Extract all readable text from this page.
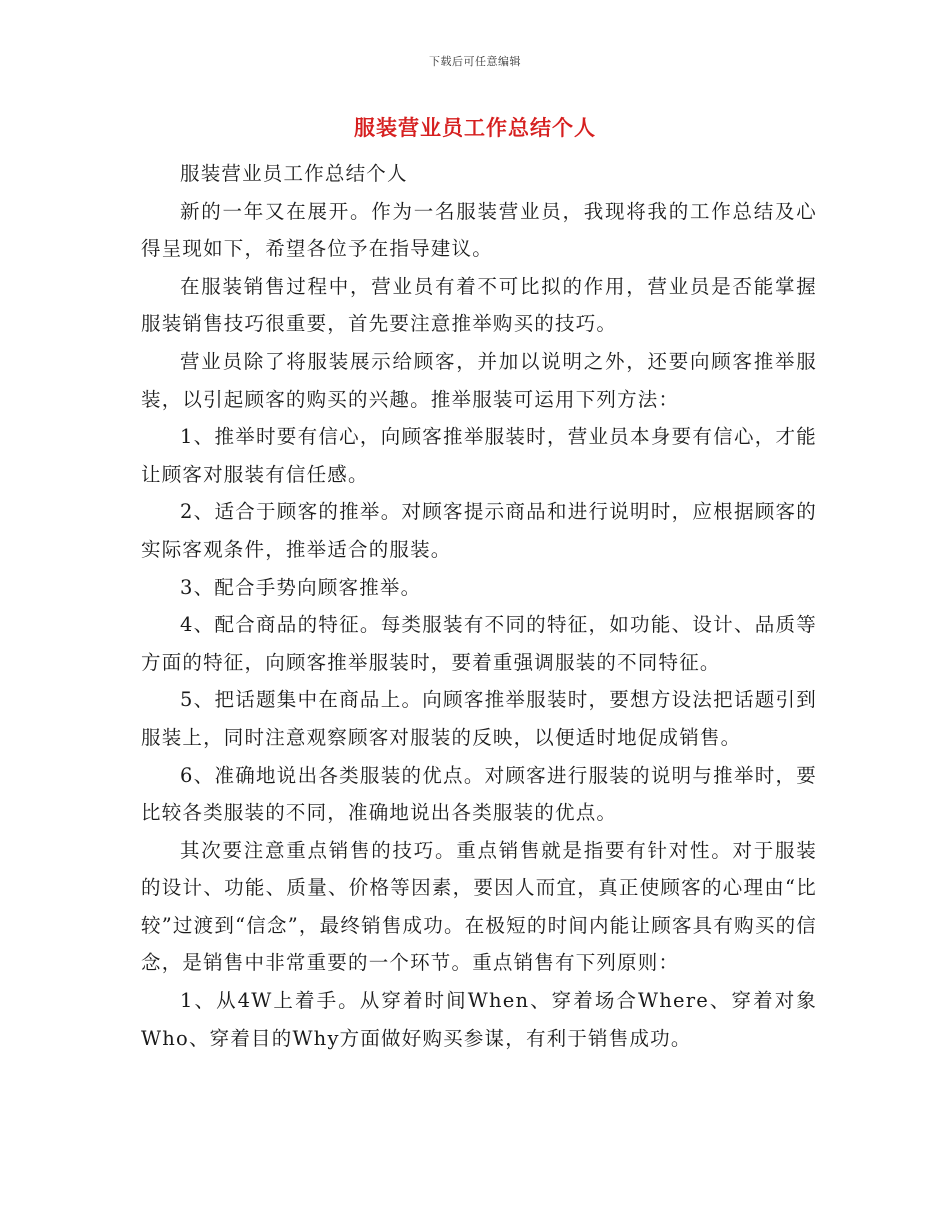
下载后可任意编辑
服装营业员工作总结个人

服装营业员工作总结个人

新的一年又在展开。作为一名服装营业员，我现将我的工作总结及心得呈现如下，希望各位予在指导建议。

在服装销售过程中，营业员有着不可比拟的作用，营业员是否能掌握服装销售技巧很重要，首先要注意推举购买的技巧。

营业员除了将服装展示给顾客，并加以说明之外，还要向顾客推举服装，以引起顾客的购买的兴趣。推举服装可运用下列方法：

1、推举时要有信心，向顾客推举服装时，营业员本身要有信心，才能让顾客对服装有信任感。

2、适合于顾客的推举。对顾客提示商品和进行说明时，应根据顾客的实际客观条件，推举适合的服装。

3、配合手势向顾客推举。

4、配合商品的特征。每类服装有不同的特征，如功能、设计、品质等方面的特征，向顾客推举服装时，要着重强调服装的不同特征。

5、把话题集中在商品上。向顾客推举服装时，要想方设法把话题引到服装上，同时注意观察顾客对服装的反映，以便适时地促成销售。

6、准确地说出各类服装的优点。对顾客进行服装的说明与推举时，要比较各类服装的不同，准确地说出各类服装的优点。

其次要注意重点销售的技巧。重点销售就是指要有针对性。对于服装的设计、功能、质量、价格等因素，要因人而宜，真正使顾客的心理由“比较”过渡到“信念”，最终销售成功。在极短的时间内能让顾客具有购买的信念，是销售中非常重要的一个环节。重点销售有下列原则：

1、从4W上着手。从穿着时间When、穿着场合Where、穿着对象Who、穿着目的Why方面做好购买参谋，有利于销售成功。
